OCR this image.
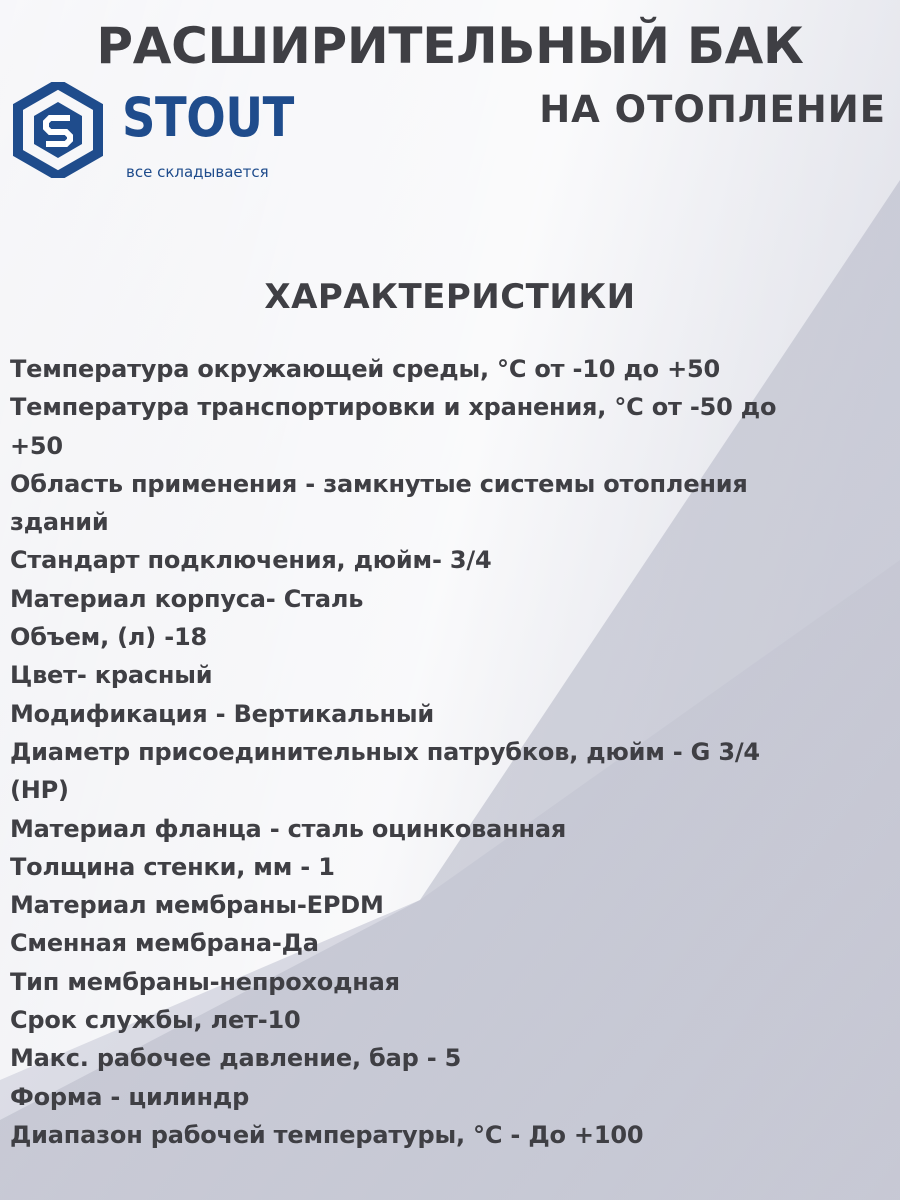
РАСШИРИТЕЛЬНЫЙ БАК
НА ОТОПЛЕНИЕ
STOUT
все складывается
ХАРАКТЕРИСТИКИ
Температура окружающей среды, °C от -10 до +50
Температура транспортировки и хранения, °C от -50 до
+50
Область применения - замкнутые системы отопления
зданий
Стандарт подключения, дюйм- 3/4
Материал корпуса- Сталь
Объем, (л) -18
Цвет- красный
Модификация - Вертикальный
Диаметр присоединительных патрубков, дюйм - G 3/4
(НР)
Материал фланца - сталь оцинкованная
Толщина стенки, мм - 1
Материал мембраны-EPDM
Сменная мембрана-Да
Тип мембраны-непроходная
Срок службы, лет-10
Макс. рабочее давление, бар - 5
Форма - цилиндр
Диапазон рабочей температуры, °C - До +100
